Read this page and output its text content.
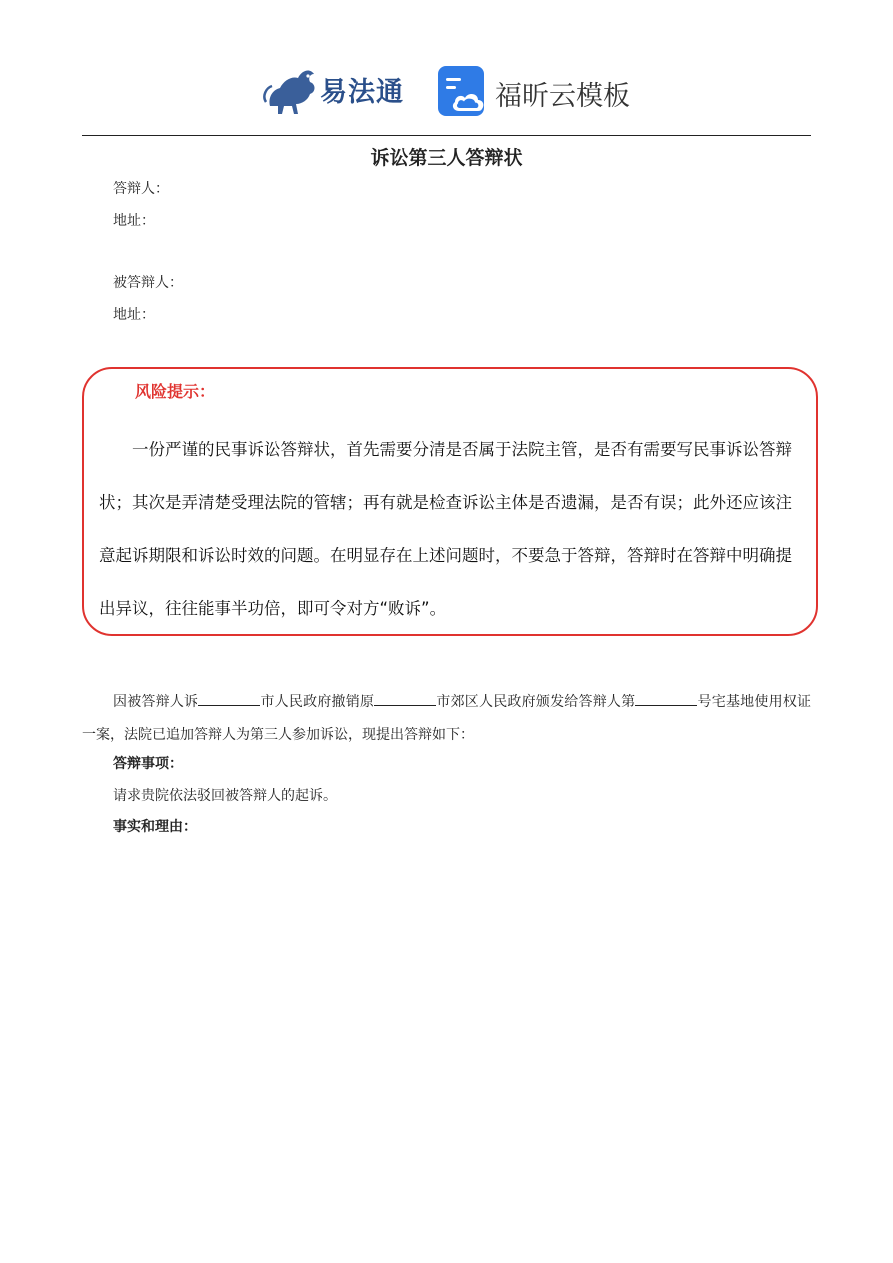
易法通	福昕云模板
诉讼第三人答辩状
答辩人：
地址：
被答辩人：
地址：
风险提示：
一份严谨的民事诉讼答辩状，首先需要分清是否属于法院主管，是否有需要写民事诉讼答辩状；其次是弄清楚受理法院的管辖；再有就是检查诉讼主体是否遗漏，是否有误；此外还应该注意起诉期限和诉讼时效的问题。在明显存在上述问题时，不要急于答辩，答辩时在答辩中明确提出异议，往往能事半功倍，即可令对方“败诉”。
因被答辩人诉	市人民政府撤销原	市郊区人民政府颁发给答辩人第	号宅基地使用权证一案，法院已追加答辩人为第三人参加诉讼，现提出答辩如下：
答辩事项：
请求贵院依法驳回被答辩人的起诉。
事实和理由：
